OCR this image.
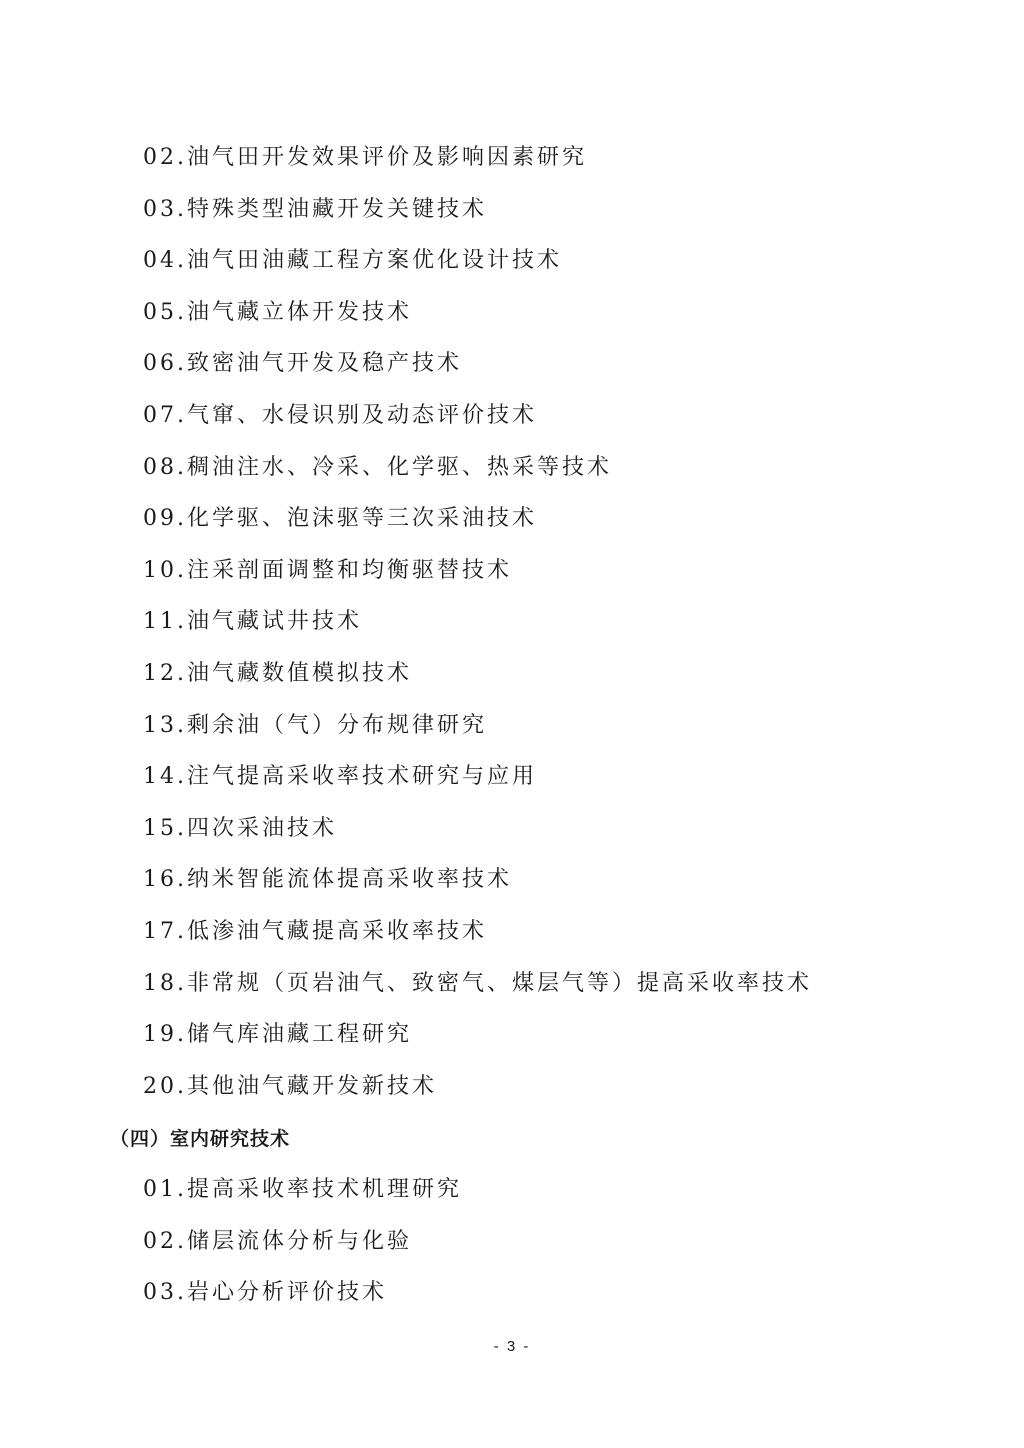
02.油气田开发效果评价及影响因素研究
03.特殊类型油藏开发关键技术
04.油气田油藏工程方案优化设计技术
05.油气藏立体开发技术
06.致密油气开发及稳产技术
07.气窜、水侵识别及动态评价技术
08.稠油注水、冷采、化学驱、热采等技术
09.化学驱、泡沫驱等三次采油技术
10.注采剖面调整和均衡驱替技术
11.油气藏试井技术
12.油气藏数值模拟技术
13.剩余油（气）分布规律研究
14.注气提高采收率技术研究与应用
15.四次采油技术
16.纳米智能流体提高采收率技术
17.低渗油气藏提高采收率技术
18.非常规（页岩油气、致密气、煤层气等）提高采收率技术
19.储气库油藏工程研究
20.其他油气藏开发新技术
（四）室内研究技术
01.提高采收率技术机理研究
02.储层流体分析与化验
03.岩心分析评价技术
- 3 -
